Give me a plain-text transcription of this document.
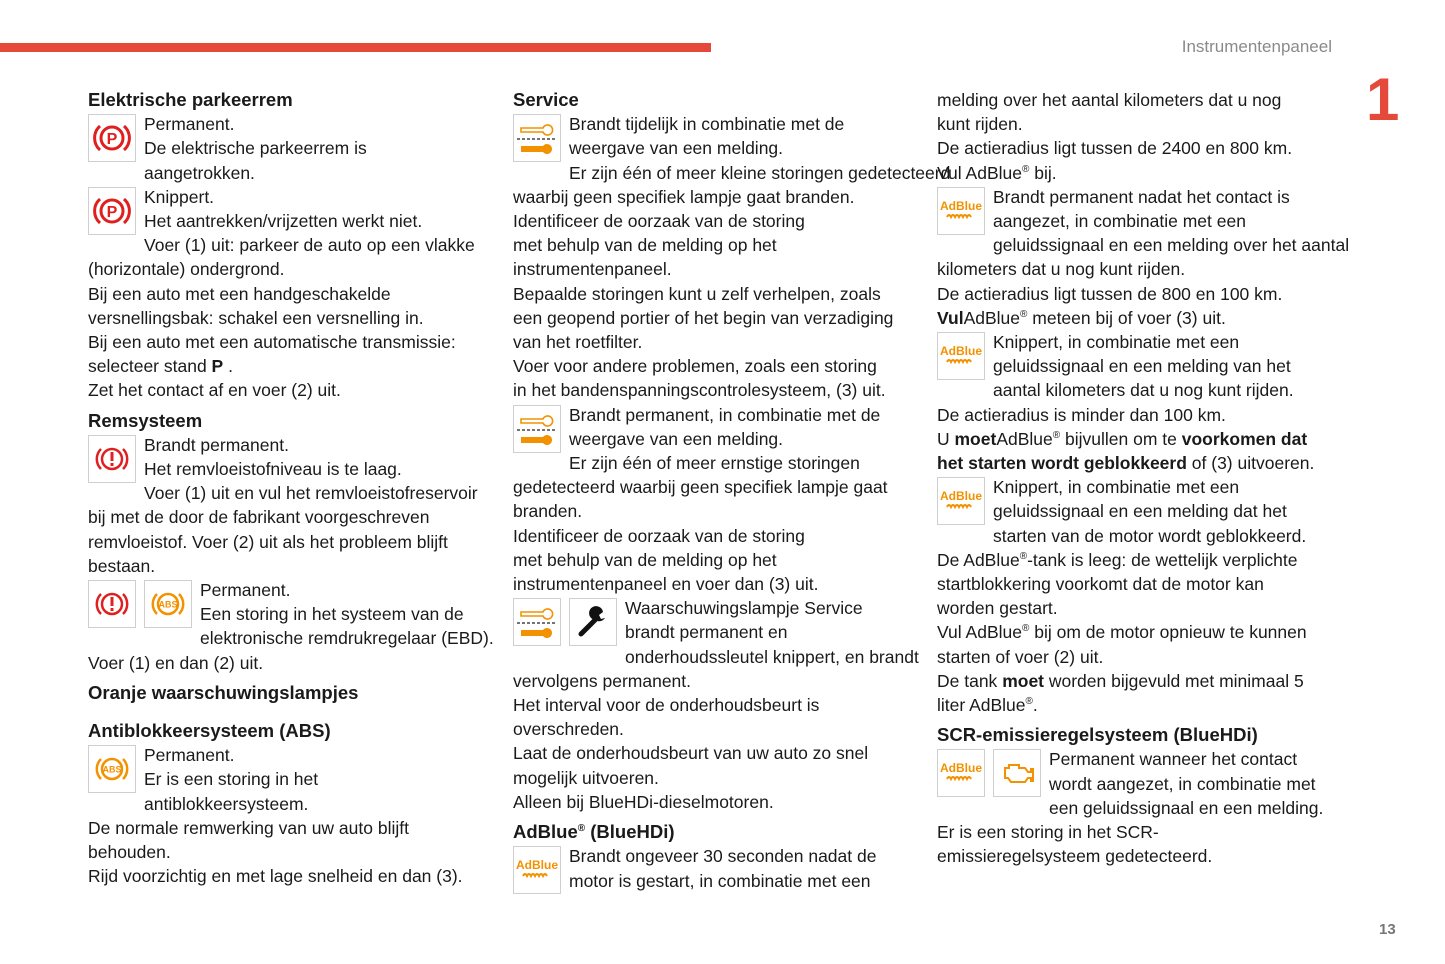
Instrumentenpaneel
1
Elektrische parkeerrem
P
Permanent.
De elektrische parkeerrem is
aangetrokken.
P
Knippert.
Het aantrekken/vrijzetten werkt niet.
Voer (1) uit: parkeer de auto op een vlakke
(horizontale) ondergrond.
Bij een auto met een handgeschakelde
versnellingsbak: schakel een versnelling in.
Bij een auto met een automatische transmissie:
selecteer stand P .
Zet het contact af en voer (2) uit.
Remsysteem
Brandt permanent.
Het remvloeistofniveau is te laag.
Voer (1) uit en vul het remvloeistofreservoir
bij met de door de fabrikant voorgeschreven
remvloeistof. Voer (2) uit als het probleem blijft
bestaan.
ABS
Permanent.
Een storing in het systeem van de
elektronische remdrukregelaar (EBD).
Voer (1) en dan (2) uit.
Oranje waarschuwingslampjes
Antiblokkeersysteem (ABS)
ABS
Permanent.
Er is een storing in het
antiblokkeersysteem.
De normale remwerking van uw auto blijft
behouden.
Rijd voorzichtig en met lage snelheid en dan (3).
Service
Brandt tijdelijk in combinatie met de
weergave van een melding.
Er zijn één of meer kleine storingen gedetecteerd
waarbij geen specifiek lampje gaat branden.
Identificeer de oorzaak van de storing
met behulp van de melding op het
instrumentenpaneel.
Bepaalde storingen kunt u zelf verhelpen, zoals
een geopend portier of het begin van verzadiging
van het roetfilter.
Voer voor andere problemen, zoals een storing
in het bandenspanningscontrolesysteem, (3) uit.
Brandt permanent, in combinatie met de
weergave van een melding.
Er zijn één of meer ernstige storingen
gedetecteerd waarbij geen specifiek lampje gaat
branden.
Identificeer de oorzaak van de storing
met behulp van de melding op het
instrumentenpaneel en voer dan (3) uit.
Waarschuwingslampje Service
brandt permanent en
onderhoudssleutel knippert, en brandt
vervolgens permanent.
Het interval voor de onderhoudsbeurt is
overschreden.
Laat de onderhoudsbeurt van uw auto zo snel
mogelijk uitvoeren.
Alleen bij BlueHDi-dieselmotoren.
AdBlue® (BlueHDi)
AdBlue Brandt ongeveer 30 seconden nadat de
motor is gestart, in combinatie met een
melding over het aantal kilometers dat u nog
kunt rijden.
De actieradius ligt tussen de 2400 en 800 km.
Vul AdBlue® bij.
AdBlue Brandt permanent nadat het contact is
aangezet, in combinatie met een
geluidssignaal en een melding over het aantal
kilometers dat u nog kunt rijden.
De actieradius ligt tussen de 800 en 100 km.
VulAdBlue® meteen bij of voer (3) uit.
AdBlue Knippert, in combinatie met een
geluidssignaal en een melding van het
aantal kilometers dat u nog kunt rijden.
De actieradius is minder dan 100 km.
U moetAdBlue® bijvullen om te voorkomen dat
het starten wordt geblokkeerd of (3) uitvoeren.
AdBlue Knippert, in combinatie met een
geluidssignaal en een melding dat het
starten van de motor wordt geblokkeerd.
De AdBlue®-tank is leeg: de wettelijk verplichte
startblokkering voorkomt dat de motor kan
worden gestart.
Vul AdBlue® bij om de motor opnieuw te kunnen
starten of voer (2) uit.
De tank moet worden bijgevuld met minimaal 5
liter AdBlue®.
SCR-emissieregelsysteem (BlueHDi)
AdBlue	Permanent wanneer het contact
wordt aangezet, in combinatie met
een geluidssignaal en een melding.
Er is een storing in het SCR-
emissieregelsysteem gedetecteerd.
13
